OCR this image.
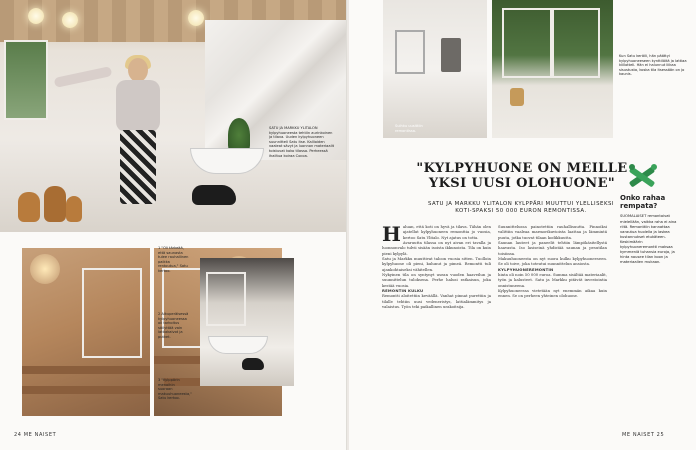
SATU JA MARKKU YLITALON kylpyhuoneesta tehtiin aurinkoinen ja tilava. Uuden kylpyhuoneen suunnitteli Satu itse. Kallioiden vaaleat sävyt ja luonnon materiaalit toistuvat koko tilassa. Perheessä ihailtua koiraa Cocoa.
1 "Oli tärkeää, että saunasta tulee rauhallinen paikka rentoutua," Satu kertoo.
2 Alkuperäisessä kylpyhuoneessa oli tarkoitus säilyttää vain lattiakaivot ja putket.
3 "Kylppärin menoihin suoraan makuuhuoneesta," Satu kertoo.
24 ME NAISET
Suihku uusittiin remontissa.
Kun Satu keräili, hän päättyi kylpyhuoneeseen kynttilöitä ja lattiaa kiillotteli. Hän ei halunnut liikaa sisustusta, koska tila itsessään on jo kaunis.
"KYLPYHUONE ON MEILLE
YKSI UUSI OLOHUONE"
SATU JA MARKKU YLITALON KYLPPÄRI MUUTTUI YLELLISEKSI
KOTI-SPAKSI 50 000 EURON REMONTISSA.
H aluan, että koti on hyvä ja tilava. Tähän olen ajatellut kylpyhuoneen remonttia jo vuosia, kertoo Satu Ylitalo. Nyt ajatus on totta.

Avaruutta tilassa on nyt aivan eri tavalla ja luonnonvalo tulvii sisään isoista ikkunoista. Tila on kuin pieni kylpylä.

Satu ja Markku muuttivat taloon vuosia sitten. Tuolloin kylpyhuone oli pieni, kulunut ja pimeä. Remontti tuli ajankohtaiseksi vähitellen.

Nykyinen tila on syntynyt usean vuoden haaveilun ja suunnittelun tuloksena. Perhe halusi ratkaisun, joka kestää vuosia.

REMONTIN KULKU

Remontti aloitettiin keväällä. Vanhat pinnat purettiin ja tilalle tehtiin uusi vedeneristys, lattialämmitys ja valaistus. Työn teki paikallinen urakoitsija.

Suunnittelussa painotettiin rauhallisuutta. Pinnoiksi valittiin vaaleaa marmorikuvioista laattaa ja lämmintä puuta, jotka tuovat tilaan kodikkuutta.

Saunan lauteet ja paneelit tehtiin lämpökäsitellystä haavasta. Iso lasiseinä yhdistää saunan ja pesutilan toisiinsa.

Makuuhuoneesta on nyt suora kulku kylpyhuoneeseen. Se oli toive, joka toteutui suunnittelun ansiosta.

KYLPYHUONEREMONTIN

hinta oli noin 50 000 euroa. Summa sisältää materiaalit, työn ja kalusteet. Satu ja Markku pitävät investointia onnistuneena.

Kylpyhuoneessa vietetään nyt enemmän aikaa kuin ennen. Se on perheen yhteinen olohuone.

Onko rahaa rempata?
SUOMALAISET remontoivat mielellään, vaikka raha ei aina riitä. Remonttiin kannattaa varautua huolella ja laskea kustannukset etukäteen. Keskimäärin kylpyhuoneremontti maksaa kymmeniä tuhansia euroja, ja hinta nousee tilan koon ja materiaalien mukaan.
ME NAISET 25
